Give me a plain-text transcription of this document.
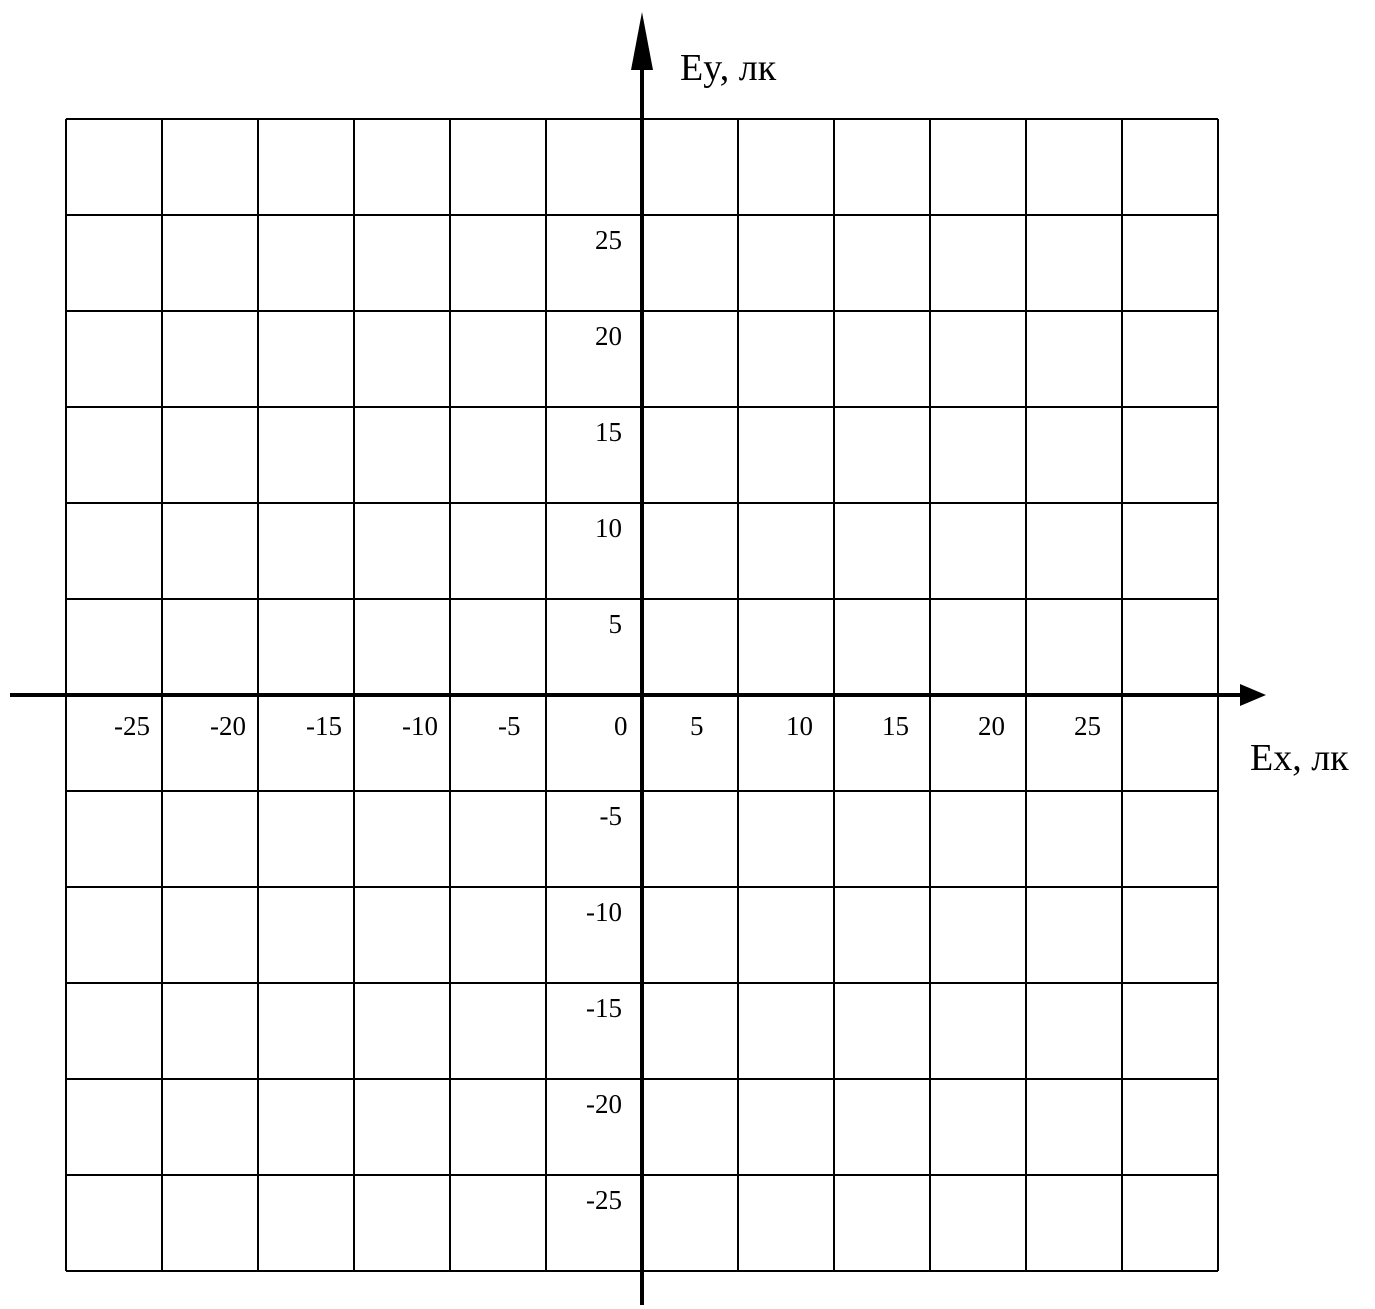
-25 -20 -15 -10 -5	0 5	10	15	20	25
25
20
15
10
5
-5
-10
-15
-20
-25
Ey, лк
Ex, лк
